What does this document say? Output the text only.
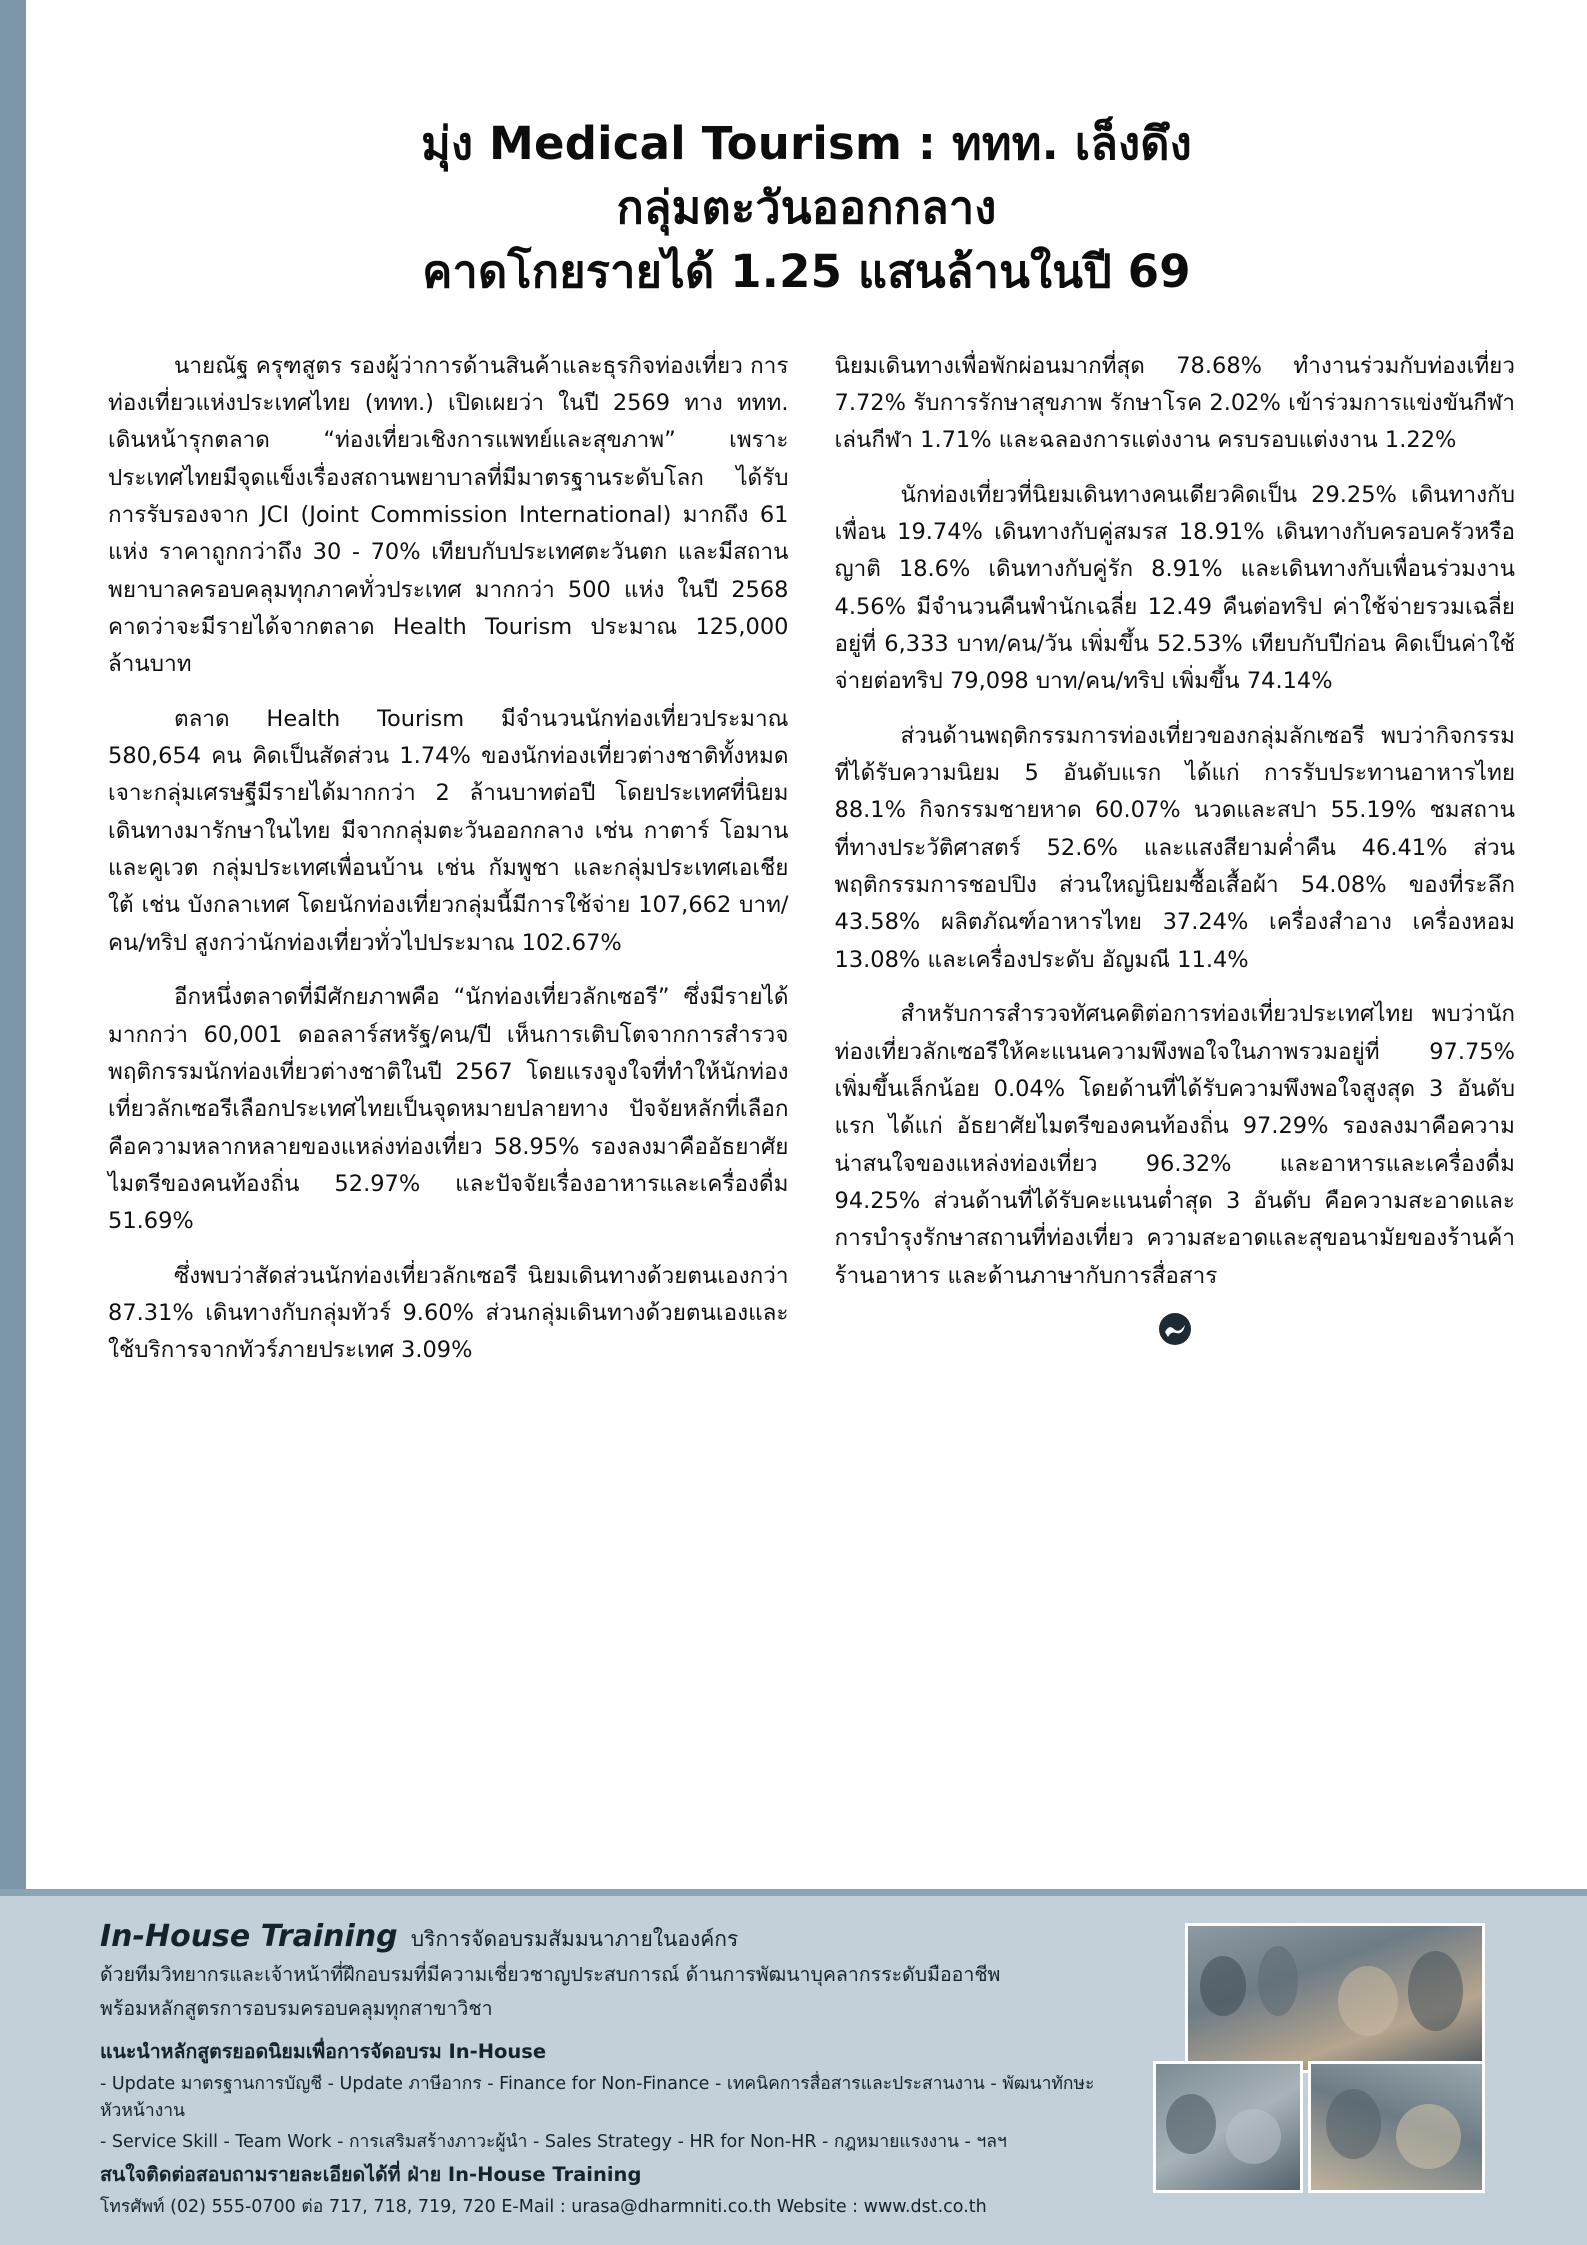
มุ่ง Medical Tourism : ททท. เล็งดึง
กลุ่มตะวันออกกลาง
คาดโกยรายได้ 1.25 แสนล้านในปี 69

นายณัฐ ครุฑสูตร รองผู้ว่าการด้านสินค้าและธุรกิจท่องเที่ยว การท่องเที่ยวแห่งประเทศไทย (ททท.) เปิดเผยว่า ในปี 2569 ทาง ททท. เดินหน้ารุกตลาด “ท่องเที่ยวเชิงการแพทย์และสุขภาพ” เพราะประเทศไทยมีจุดแข็งเรื่องสถานพยาบาลที่มีมาตรฐานระดับโลก ได้รับการรับรองจาก JCI (Joint Commission International) มากถึง 61 แห่ง ราคาถูกกว่าถึง 30 - 70% เทียบกับประเทศตะวันตก และมีสถานพยาบาลครอบคลุมทุกภาคทั่วประเทศ มากกว่า 500 แห่ง ในปี 2568 คาดว่าจะมีรายได้จากตลาด Health Tourism ประมาณ 125,000 ล้านบาท

ตลาด Health Tourism มีจำนวนนักท่องเที่ยวประมาณ 580,654 คน คิดเป็นสัดส่วน 1.74% ของนักท่องเที่ยวต่างชาติทั้งหมด เจาะกลุ่มเศรษฐีมีรายได้มากกว่า 2 ล้านบาทต่อปี โดยประเทศที่นิยมเดินทางมารักษาในไทย มีจากกลุ่มตะวันออกกลาง เช่น กาตาร์ โอมาน และคูเวต กลุ่มประเทศเพื่อนบ้าน เช่น กัมพูชา และกลุ่มประเทศเอเชียใต้ เช่น บังกลาเทศ โดยนักท่องเที่ยวกลุ่มนี้มีการใช้จ่าย 107,662 บาท/คน/ทริป สูงกว่านักท่องเที่ยวทั่วไปประมาณ 102.67%

อีกหนึ่งตลาดที่มีศักยภาพคือ “นักท่องเที่ยวลักเซอรี” ซึ่งมีรายได้มากกว่า 60,001 ดอลลาร์สหรัฐ/คน/ปี เห็นการเติบโตจากการสำรวจพฤติกรรมนักท่องเที่ยวต่างชาติในปี 2567 โดยแรงจูงใจที่ทำให้นักท่องเที่ยวลักเซอรีเลือกประเทศไทยเป็นจุดหมายปลายทาง ปัจจัยหลักที่เลือกคือความหลากหลายของแหล่งท่องเที่ยว 58.95% รองลงมาคืออัธยาศัยไมตรีของคนท้องถิ่น 52.97% และปัจจัยเรื่องอาหารและเครื่องดื่ม 51.69%

ซึ่งพบว่าสัดส่วนนักท่องเที่ยวลักเซอรี นิยมเดินทางด้วยตนเองกว่า 87.31% เดินทางกับกลุ่มทัวร์ 9.60% ส่วนกลุ่มเดินทางด้วยตนเองและใช้บริการจากทัวร์ภายประเทศ 3.09%

นิยมเดินทางเพื่อพักผ่อนมากที่สุด 78.68% ทำงานร่วมกับท่องเที่ยว 7.72% รับการรักษาสุขภาพ รักษาโรค 2.02% เข้าร่วมการแข่งขันกีฬา เล่นกีฬา 1.71% และฉลองการแต่งงาน ครบรอบแต่งงาน 1.22%

นักท่องเที่ยวที่นิยมเดินทางคนเดียวคิดเป็น 29.25% เดินทางกับเพื่อน 19.74% เดินทางกับคู่สมรส 18.91% เดินทางกับครอบครัวหรือญาติ 18.6% เดินทางกับคู่รัก 8.91% และเดินทางกับเพื่อนร่วมงาน 4.56% มีจำนวนคืนพำนักเฉลี่ย 12.49 คืนต่อทริป ค่าใช้จ่ายรวมเฉลี่ยอยู่ที่ 6,333 บาท/คน/วัน เพิ่มขึ้น 52.53% เทียบกับปีก่อน คิดเป็นค่าใช้จ่ายต่อทริป 79,098 บาท/คน/ทริป เพิ่มขึ้น 74.14%

ส่วนด้านพฤติกรรมการท่องเที่ยวของกลุ่มลักเซอรี พบว่ากิจกรรมที่ได้รับความนิยม 5 อันดับแรก ได้แก่ การรับประทานอาหารไทย 88.1% กิจกรรมชายหาด 60.07% นวดและสปา 55.19% ชมสถานที่ทางประวัติศาสตร์ 52.6% และแสงสียามค่ำคืน 46.41% ส่วนพฤติกรรมการชอปปิง ส่วนใหญ่นิยมซื้อเสื้อผ้า 54.08% ของที่ระลึก 43.58% ผลิตภัณฑ์อาหารไทย 37.24% เครื่องสำอาง เครื่องหอม 13.08% และเครื่องประดับ อัญมณี 11.4%

สำหรับการสำรวจทัศนคติต่อการท่องเที่ยวประเทศไทย พบว่านักท่องเที่ยวลักเซอรีให้คะแนนความพึงพอใจในภาพรวมอยู่ที่ 97.75% เพิ่มขึ้นเล็กน้อย 0.04% โดยด้านที่ได้รับความพึงพอใจสูงสุด 3 อันดับแรก ได้แก่ อัธยาศัยไมตรีของคนท้องถิ่น 97.29% รองลงมาคือความน่าสนใจของแหล่งท่องเที่ยว 96.32% และอาหารและเครื่องดื่ม 94.25% ส่วนด้านที่ได้รับคะแนนต่ำสุด 3 อันดับ คือความสะอาดและการบำรุงรักษาสถานที่ท่องเที่ยว ความสะอาดและสุขอนามัยของร้านค้า ร้านอาหาร และด้านภาษากับการสื่อสาร

In-House Training บริการจัดอบรมสัมมนาภายในองค์กร
ด้วยทีมวิทยากรและเจ้าหน้าที่ฝึกอบรมที่มีความเชี่ยวชาญประสบการณ์ ด้านการพัฒนาบุคลากรระดับมืออาชีพ
พร้อมหลักสูตรการอบรมครอบคลุมทุกสาขาวิชา
แนะนำหลักสูตรยอดนิยมเพื่อการจัดอบรม In-House
- Update มาตรฐานการบัญชี - Update ภาษีอากร - Finance for Non-Finance - เทคนิคการสื่อสารและประสานงาน - พัฒนาทักษะหัวหน้างาน
- Service Skill - Team Work - การเสริมสร้างภาวะผู้นำ - Sales Strategy - HR for Non-HR - กฎหมายแรงงาน - ฯลฯ
สนใจติดต่อสอบถามรายละเอียดได้ที่ ฝ่าย In-House Training
โทรศัพท์ (02) 555-0700 ต่อ 717, 718, 719, 720 E-Mail : urasa@dharmniti.co.th Website : www.dst.co.th
